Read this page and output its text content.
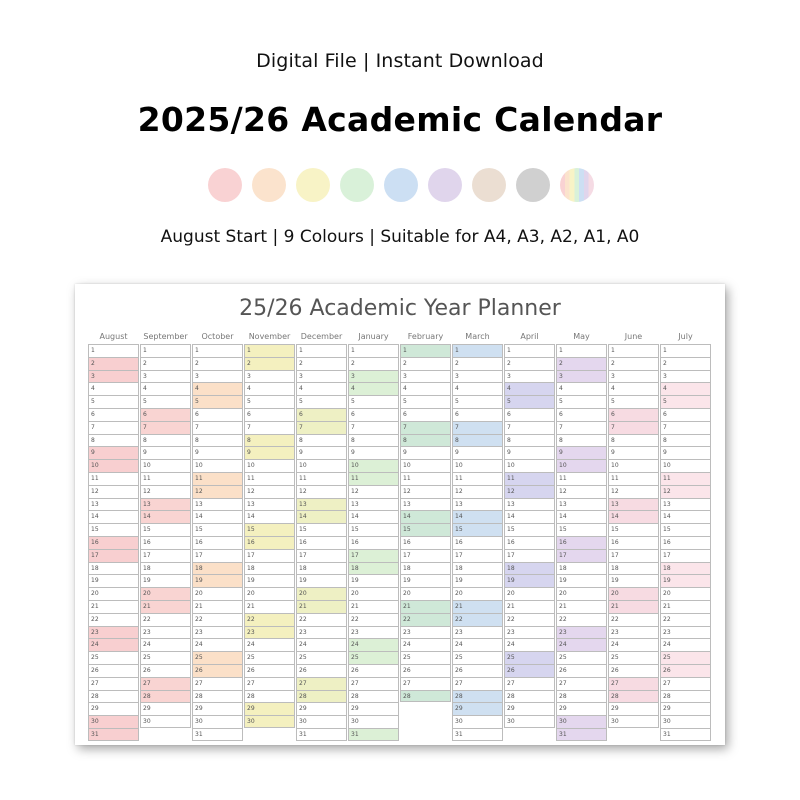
Digital File | Instant Download
2025/26 Academic Calendar
August Start | 9 Colours | Suitable for A4, A3, A2, A1, A0
25/26 Academic Year Planner
August
1
2
3
4
5
6
7
8
9
10
11
12
13
14
15
16
17
18
19
20
21
22
23
24
25
26
27
28
29
30
31
September
1
2
3
4
5
6
7
8
9
10
11
12
13
14
15
16
17
18
19
20
21
22
23
24
25
26
27
28
29
30
October
1
2
3
4
5
6
7
8
9
10
11
12
13
14
15
16
17
18
19
20
21
22
23
24
25
26
27
28
29
30
31
November
1
2
3
4
5
6
7
8
9
10
11
12
13
14
15
16
17
18
19
20
21
22
23
24
25
26
27
28
29
30
December
1
2
3
4
5
6
7
8
9
10
11
12
13
14
15
16
17
18
19
20
21
22
23
24
25
26
27
28
29
30
31
January
1
2
3
4
5
6
7
8
9
10
11
12
13
14
15
16
17
18
19
20
21
22
23
24
25
26
27
28
29
30
31
February
1
2
3
4
5
6
7
8
9
10
11
12
13
14
15
16
17
18
19
20
21
22
23
24
25
26
27
28
March
1
2
3
4
5
6
7
8
9
10
11
12
13
14
15
16
17
18
19
20
21
22
23
24
25
26
27
28
29
30
31
April
1
2
3
4
5
6
7
8
9
10
11
12
13
14
15
16
17
18
19
20
21
22
23
24
25
26
27
28
29
30
May
1
2
3
4
5
6
7
8
9
10
11
12
13
14
15
16
17
18
19
20
21
22
23
24
25
26
27
28
29
30
31
June
1
2
3
4
5
6
7
8
9
10
11
12
13
14
15
16
17
18
19
20
21
22
23
24
25
26
27
28
29
30
July
1
2
3
4
5
6
7
8
9
10
11
12
13
14
15
16
17
18
19
20
21
22
23
24
25
26
27
28
29
30
31
